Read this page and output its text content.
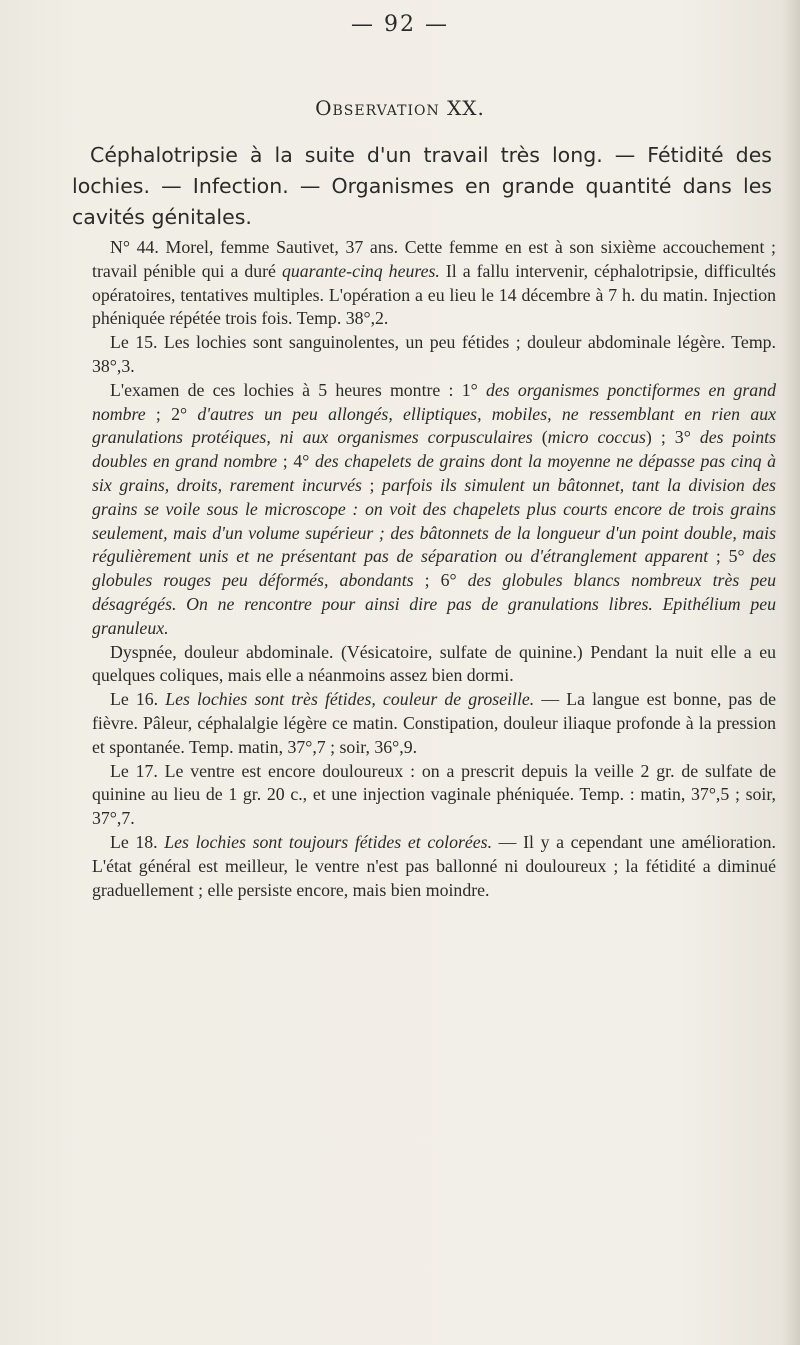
— 92 —
Observation XX.
Céphalotripsie à la suite d'un travail très long. — Fétidité des lochies. — Infection. — Organismes en grande quantité dans les cavités génitales.

N° 44. Morel, femme Sautivet, 37 ans. Cette femme en est à son sixième accouchement ; travail pénible qui a duré quarante-cinq heures. Il a fallu intervenir, céphalotripsie, difficultés opératoires, tentatives multiples. L'opération a eu lieu le 14 décembre à 7 h. du matin. Injection phéniquée répétée trois fois. Temp. 38°,2.

Le 15. Les lochies sont sanguinolentes, un peu fétides ; douleur abdominale légère. Temp. 38°,3.

L'examen de ces lochies à 5 heures montre : 1° des organismes ponctiformes en grand nombre ; 2° d'autres un peu allongés, elliptiques, mobiles, ne ressemblant en rien aux granulations protéiques, ni aux organismes corpusculaires (micro coccus) ; 3° des points doubles en grand nombre ; 4° des chapelets de grains dont la moyenne ne dépasse pas cinq à six grains, droits, rarement incurvés ; parfois ils simulent un bâtonnet, tant la division des grains se voile sous le microscope : on voit des chapelets plus courts encore de trois grains seulement, mais d'un volume supérieur ; des bâtonnets de la longueur d'un point double, mais régulièrement unis et ne présentant pas de séparation ou d'étranglement apparent ; 5° des globules rouges peu déformés, abondants ; 6° des globules blancs nombreux très peu désagrégés. On ne rencontre pour ainsi dire pas de granulations libres. Epithélium peu granuleux.

Dyspnée, douleur abdominale. (Vésicatoire, sulfate de quinine.) Pendant la nuit elle a eu quelques coliques, mais elle a néanmoins assez bien dormi.

Le 16. Les lochies sont très fétides, couleur de groseille. — La langue est bonne, pas de fièvre. Pâleur, céphalalgie légère ce matin. Constipation, douleur iliaque profonde à la pression et spontanée. Temp. matin, 37°,7 ; soir, 36°,9.

Le 17. Le ventre est encore douloureux : on a prescrit depuis la veille 2 gr. de sulfate de quinine au lieu de 1 gr. 20 c., et une injection vaginale phéniquée. Temp. : matin, 37°,5 ; soir, 37°,7.

Le 18. Les lochies sont toujours fétides et colorées. — Il y a cependant une amélioration. L'état général est meilleur, le ventre n'est pas ballonné ni douloureux ; la fétidité a diminué graduellement ; elle persiste encore, mais bien moindre.
